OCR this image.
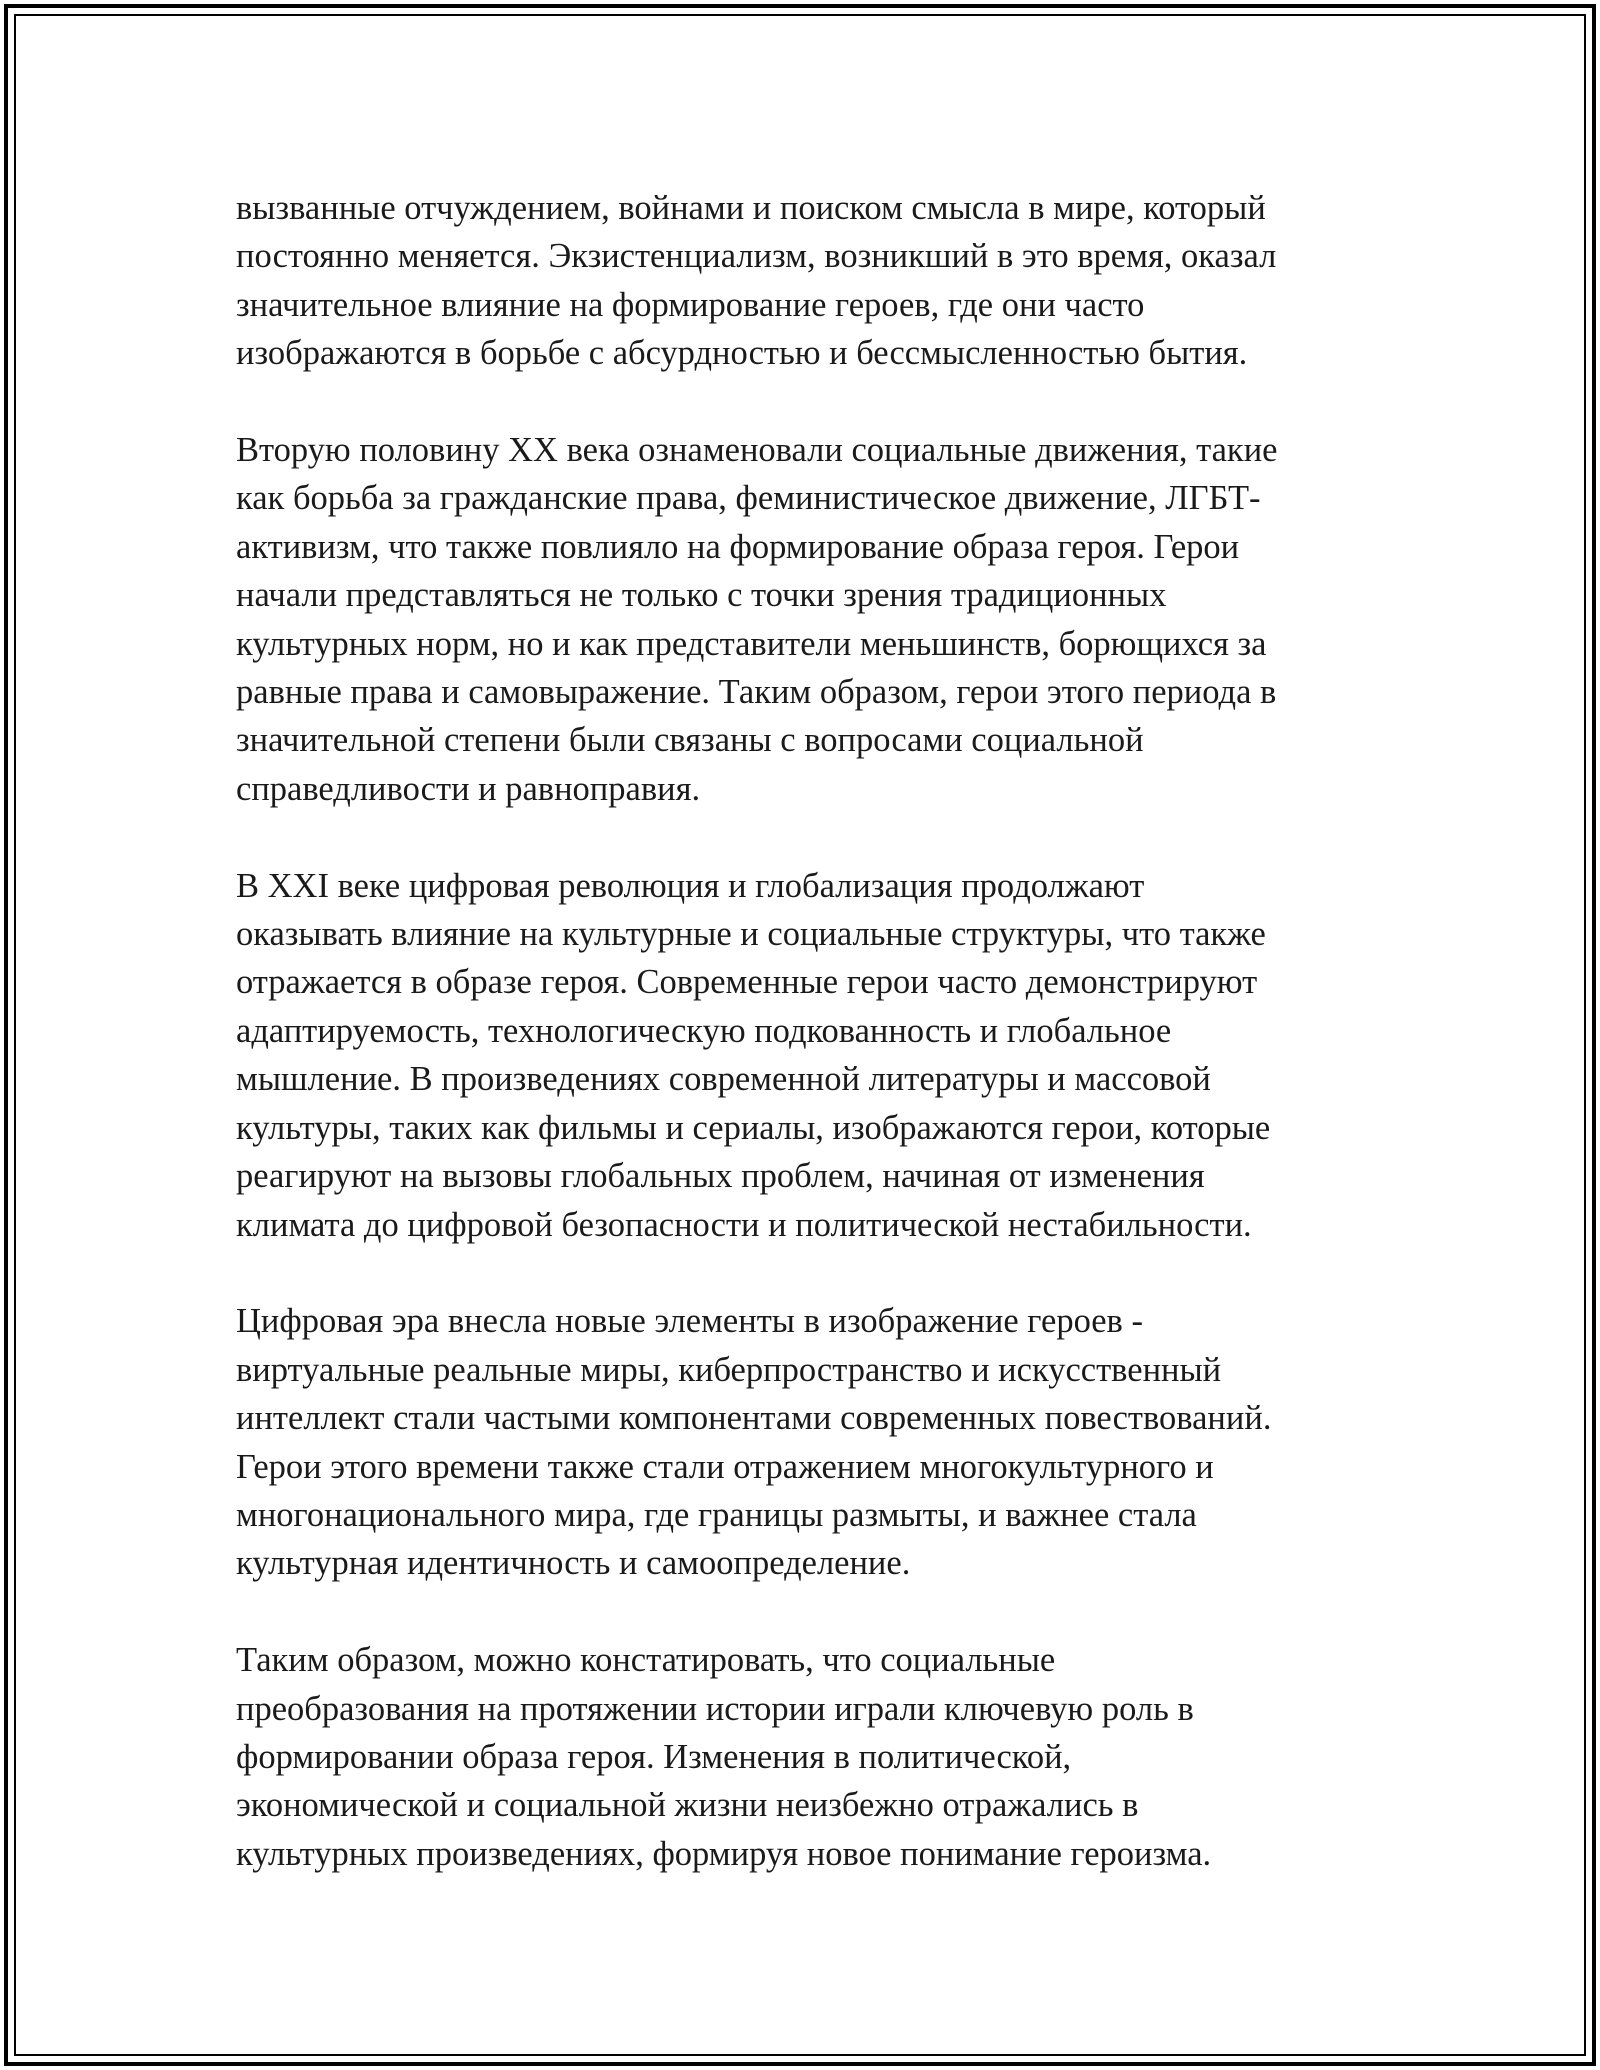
вызванные отчуждением, войнами и поиском смысла в мире, который
постоянно меняется. Экзистенциализм, возникший в это время, оказал
значительное влияние на формирование героев, где они часто
изображаются в борьбе с абсурдностью и бессмысленностью бытия.

Вторую половину XX века ознаменовали социальные движения, такие
как борьба за гражданские права, феминистическое движение, ЛГБТ-
активизм, что также повлияло на формирование образа героя. Герои
начали представляться не только с точки зрения традиционных
культурных норм, но и как представители меньшинств, борющихся за
равные права и самовыражение. Таким образом, герои этого периода в
значительной степени были связаны с вопросами социальной
справедливости и равноправия.

В XXI веке цифровая революция и глобализация продолжают
оказывать влияние на культурные и социальные структуры, что также
отражается в образе героя. Современные герои часто демонстрируют
адаптируемость, технологическую подкованность и глобальное
мышление. В произведениях современной литературы и массовой
культуры, таких как фильмы и сериалы, изображаются герои, которые
реагируют на вызовы глобальных проблем, начиная от изменения
климата до цифровой безопасности и политической нестабильности.

Цифровая эра внесла новые элементы в изображение героев -
виртуальные реальные миры, киберпространство и искусственный
интеллект стали частыми компонентами современных повествований.
Герои этого времени также стали отражением многокультурного и
многонационального мира, где границы размыты, и важнее стала
культурная идентичность и самоопределение.

Таким образом, можно констатировать, что социальные
преобразования на протяжении истории играли ключевую роль в
формировании образа героя. Изменения в политической,
экономической и социальной жизни неизбежно отражались в
культурных произведениях, формируя новое понимание героизма.
